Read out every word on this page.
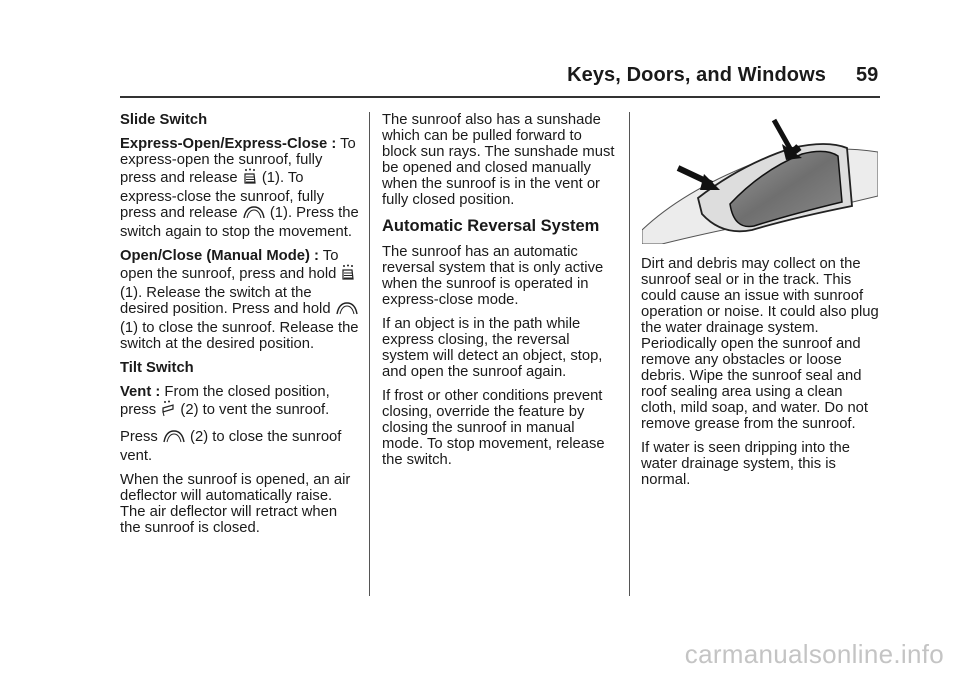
Keys, Doors, and Windows 59

Slide Switch

Express-Open/Express-Close : To express-open the sunroof, fully press and release  (1). To express-close the sunroof, fully press and release  (1). Press the switch again to stop the movement.

Open/Close (Manual Mode) : To open the sunroof, press and hold  (1). Release the switch at the desired position. Press and hold  (1) to close the sunroof. Release the switch at the desired position.

Tilt Switch

Vent : From the closed position, press  (2) to vent the sunroof.

Press  (2) to close the sunroof vent.

When the sunroof is opened, an air deflector will automatically raise. The air deflector will retract when the sunroof is closed.

The sunroof also has a sunshade which can be pulled forward to block sun rays. The sunshade must be opened and closed manually when the sunroof is in the vent or fully closed position.

Automatic Reversal System

The sunroof has an automatic reversal system that is only active when the sunroof is operated in express-close mode.

If an object is in the path while express closing, the reversal system will detect an object, stop, and open the sunroof again.

If frost or other conditions prevent closing, override the feature by closing the sunroof in manual mode. To stop movement, release the switch.

Dirt and debris may collect on the sunroof seal or in the track. This could cause an issue with sunroof operation or noise. It could also plug the water drainage system. Periodically open the sunroof and remove any obstacles or loose debris. Wipe the sunroof seal and roof sealing area using a clean cloth, mild soap, and water. Do not remove grease from the sunroof.

If water is seen dripping into the water drainage system, this is normal.

carmanualsonline.info
